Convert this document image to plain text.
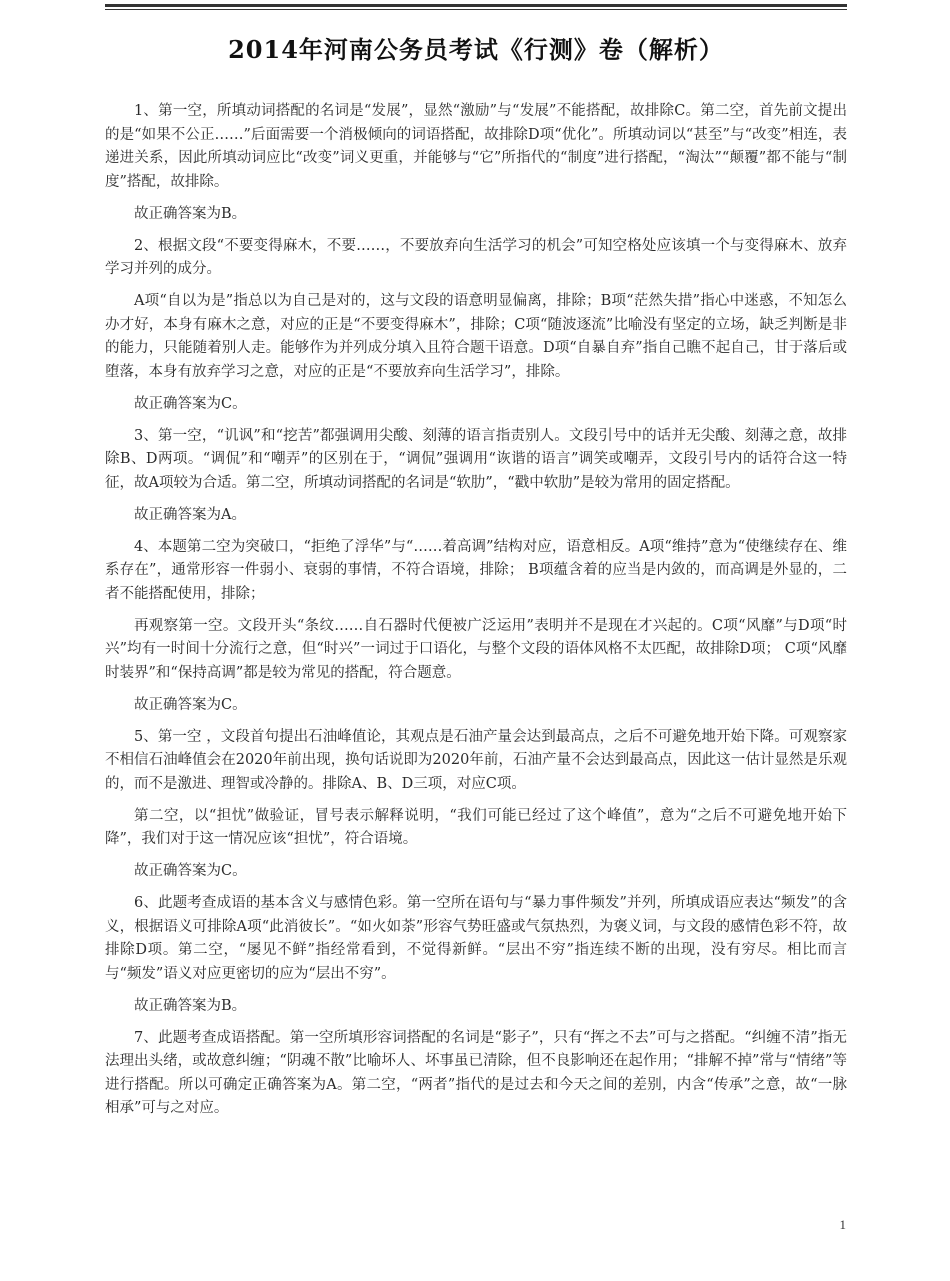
2014年河南公务员考试《行测》卷（解析）

1、第一空，所填动词搭配的名词是“发展”，显然“激励”与“发展”不能搭配，故排除C。第二空，首先前文提出的是“如果不公正……”后面需要一个消极倾向的词语搭配，故排除D项“优化”。所填动词以“甚至”与“改变”相连，表递进关系，因此所填动词应比“改变”词义更重，并能够与“它”所指代的“制度”进行搭配，“淘汰”“颠覆”都不能与“制度”搭配，故排除。

故正确答案为B。

2、根据文段“不要变得麻木，不要……，不要放弃向生活学习的机会”可知空格处应该填一个与变得麻木、放弃学习并列的成分。

A项“自以为是”指总以为自己是对的，这与文段的语意明显偏离，排除；B项“茫然失措”指心中迷惑，不知怎么办才好，本身有麻木之意，对应的正是“不要变得麻木”，排除；C项“随波逐流”比喻没有坚定的立场，缺乏判断是非的能力，只能随着别人走。能够作为并列成分填入且符合题干语意。D项“自暴自弃”指自己瞧不起自己，甘于落后或堕落，本身有放弃学习之意，对应的正是“不要放弃向生活学习”，排除。

故正确答案为C。

3、第一空，“讥讽”和“挖苦”都强调用尖酸、刻薄的语言指责别人。文段引号中的话并无尖酸、刻薄之意，故排除B、D两项。“调侃”和“嘲弄”的区别在于，“调侃”强调用“诙谐的语言”调笑或嘲弄，文段引号内的话符合这一特征，故A项较为合适。第二空，所填动词搭配的名词是“软肋”，“戳中软肋”是较为常用的固定搭配。

故正确答案为A。

4、本题第二空为突破口，“拒绝了浮华”与“……着高调”结构对应，语意相反。A项“维持”意为“使继续存在、维系存在”，通常形容一件弱小、衰弱的事情，不符合语境，排除； B项蕴含着的应当是内敛的，而高调是外显的，二者不能搭配使用，排除；

再观察第一空。文段开头“条纹……自石器时代便被广泛运用”表明并不是现在才兴起的。C项“风靡”与D项“时兴”均有一时间十分流行之意，但“时兴”一词过于口语化，与整个文段的语体风格不太匹配，故排除D项； C项“风靡时装界”和“保持高调”都是较为常见的搭配，符合题意。

故正确答案为C。

5、第一空 ，文段首句提出石油峰值论，其观点是石油产量会达到最高点，之后不可避免地开始下降。可观察家不相信石油峰值会在2020年前出现，换句话说即为2020年前，石油产量不会达到最高点，因此这一估计显然是乐观的，而不是激进、理智或冷静的。排除A、B、D三项，对应C项。

第二空，以“担忧”做验证，冒号表示解释说明，“我们可能已经过了这个峰值”，意为“之后不可避免地开始下降”，我们对于这一情况应该“担忧”，符合语境。

故正确答案为C。

6、此题考查成语的基本含义与感情色彩。第一空所在语句与“暴力事件频发”并列，所填成语应表达“频发”的含义，根据语义可排除A项“此消彼长”。“如火如荼”形容气势旺盛或气氛热烈，为褒义词，与文段的感情色彩不符，故排除D项。第二空，“屡见不鲜”指经常看到，不觉得新鲜。“层出不穷”指连续不断的出现，没有穷尽。相比而言与“频发”语义对应更密切的应为“层出不穷”。

故正确答案为B。

7、此题考查成语搭配。第一空所填形容词搭配的名词是“影子”，只有“挥之不去”可与之搭配。“纠缠不清”指无法理出头绪，或故意纠缠；“阴魂不散”比喻坏人、坏事虽已清除，但不良影响还在起作用；“排解不掉”常与“情绪”等进行搭配。所以可确定正确答案为A。第二空，“两者”指代的是过去和今天之间的差别，内含“传承”之意，故“一脉相承”可与之对应。

1
